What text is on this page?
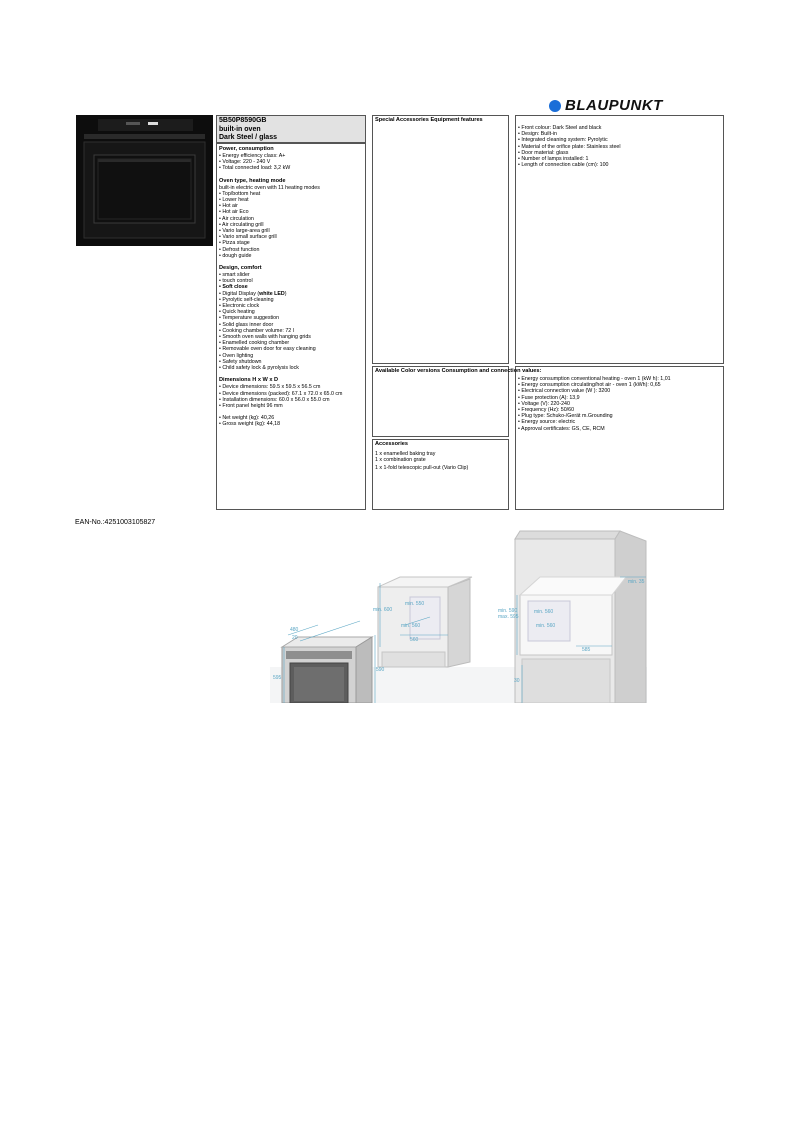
BLAUPUNKT
5B50P8590GB
built-in oven
Dark Steel / glass
Power, consumption
• Energy efficiency class: A+
• Voltage: 220 - 240 V
• Total connected load: 3,2 kW
Oven type, heating mode
built-in electric oven with 11 heating modes
• Top/bottom heat
• Lower heat
• Hot air
• Hot air Eco
• Air circulation
• Air circulating grill
• Vario large-area grill
• Vario small surface grill
• Pizza stage
• Defrost function
• dough guide
Design, comfort
• smart slider
• touch control
• Soft close
• Digital Display (white LED)
• Pyrolytic self-cleaning
• Electronic clock
• Quick heating
• Temperature suggestion
• Solid glass inner door
• Cooking chamber volume: 72 l
• Smooth oven walls with hanging grids
• Enamelled cooking chamber
• Removable oven door for easy cleaning
• Oven lighting
• Safety shutdown
• Child safety lock & pyrolysis lock
Dimensions H x W x D
• Device dimensions: 59.5 x 59.5 x 56.5 cm
• Device dimensions (packed): 67.1 x 72.0 x 65.0 cm
• Installation dimensions: 60.0 x 56.0 x 55.0 cm
• Front panel height 96 mm
• Net weight (kg): 40,26
• Gross weight (kg): 44,18
Special Accessories Equipment features
• Front colour: Dark Steel and black
• Design: Built-in
• Integrated cleaning system: Pyrolytic
• Material of the orifice plate: Stainless steel
• Door material: glass
• Number of lamps installed: 1
• Length of connection cable (cm): 100
Available Color versions Consumption and connection values:
• Energy consumption conventional heating - oven 1 (kW h): 1,01
• Energy consumption circulating/hot air - oven 1 (kWh): 0,65
• Electrical connection value (W ): 3200
• Fuse protection (A): 13,9
• Voltage (V): 220-240
• Frequency (Hz): 50/60
• Plug type: Schuko-/Gerät m.Grounding
• Energy source: electric
• Approval certificates: GS, CE, RCM
Accessories
1 x enamelled baking tray
1 x combination grate
1 x 1-fold telescopic pull-out (Vario Clip)
EAN-No.:4251003105827
20
480
595
590
min. 600
min. 560
560
min. 550
min. 590
max. 595
min. 560
585
min. 560
min. 35
30
